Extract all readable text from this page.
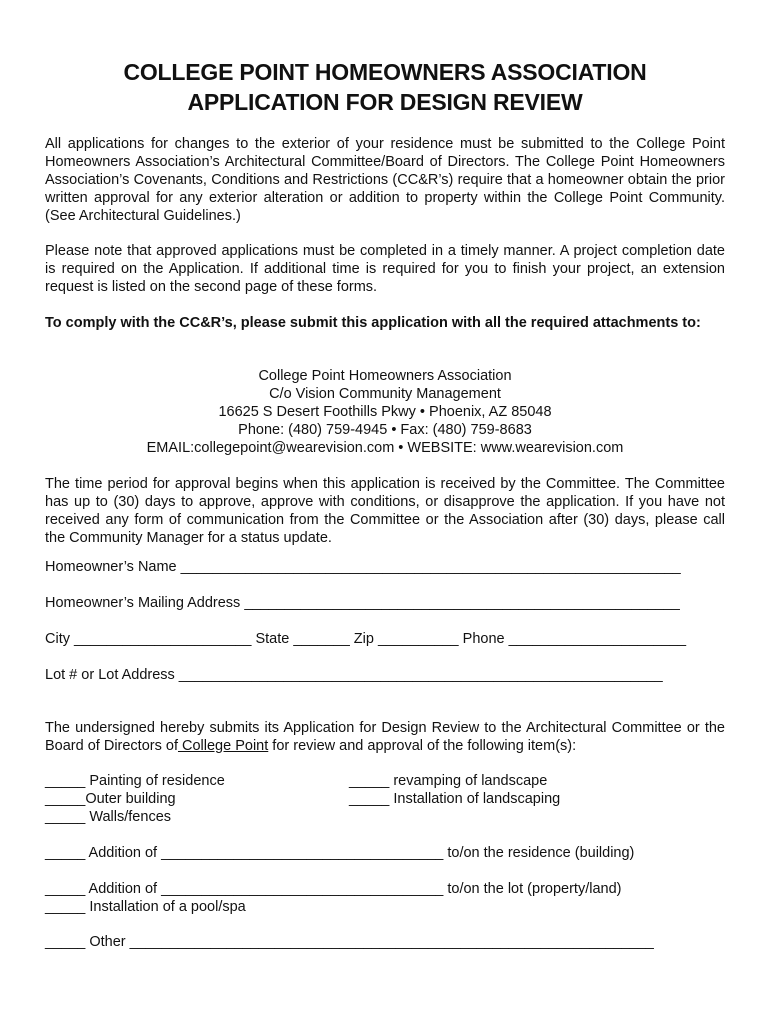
COLLEGE POINT HOMEOWNERS ASSOCIATION
APPLICATION FOR DESIGN REVIEW
All applications for changes to the exterior of your residence must be submitted to the College Point Homeowners Association’s Architectural Committee/Board of Directors. The College Point Homeowners Association’s Covenants, Conditions and Restrictions (CC&R’s) require that a homeowner obtain the prior written approval for any exterior alteration or addition to property within the College Point Community. (See Architectural Guidelines.)
Please note that approved applications must be completed in a timely manner. A project completion date is required on the Application. If additional time is required for you to finish your project, an extension request is listed on the second page of these forms.
To comply with the CC&R’s, please submit this application with all the required attachments to:
College Point Homeowners Association
C/o Vision Community Management
16625 S Desert Foothills Pkwy • Phoenix, AZ 85048
Phone: (480) 759-4945 • Fax: (480) 759-8683
EMAIL:collegepoint@wearevision.com • WEBSITE: www.wearevision.com
The time period for approval begins when this application is received by the Committee. The Committee has up to (30) days to approve, approve with conditions, or disapprove the application. If you have not received any form of communication from the Committee or the Association after (30) days, please call the Community Manager for a status update.
Homeowner’s Name ______________________________________________________________
Homeowner’s Mailing Address ______________________________________________________
City ______________________ State _______ Zip __________ Phone ______________________
Lot # or Lot Address ____________________________________________________________
The undersigned hereby submits its Application for Design Review to the Architectural Committee or the Board of Directors of College Point for review and approval of the following item(s):
_____ Painting of residence
_____Outer building
_____ Walls/fences
_____ revamping of landscape
_____ Installation of landscaping
_____ Addition of ___________________________________ to/on the residence (building)
_____ Addition of ___________________________________ to/on the lot (property/land)
_____ Installation of a pool/spa
_____ Other _________________________________________________________________
